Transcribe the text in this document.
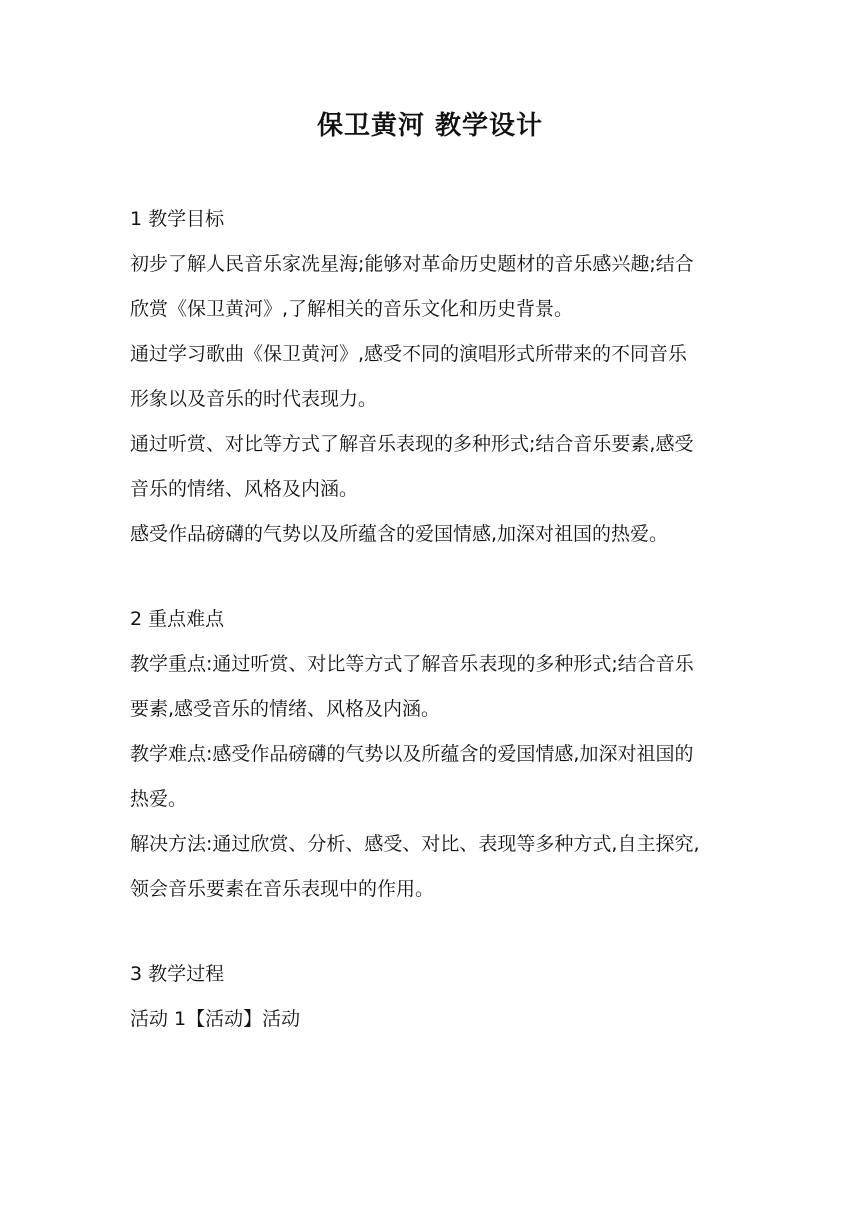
保卫黄河 教学设计

1 教学目标

初步了解人民音乐家冼星海;能够对革命历史题材的音乐感兴趣;结合

欣赏《保卫黄河》,了解相关的音乐文化和历史背景。

通过学习歌曲《保卫黄河》,感受不同的演唱形式所带来的不同音乐

形象以及音乐的时代表现力。

通过听赏、对比等方式了解音乐表现的多种形式;结合音乐要素,感受

音乐的情绪、风格及内涵。

感受作品磅礴的气势以及所蕴含的爱国情感,加深对祖国的热爱。

2 重点难点

教学重点:通过听赏、对比等方式了解音乐表现的多种形式;结合音乐

要素,感受音乐的情绪、风格及内涵。

教学难点:感受作品磅礴的气势以及所蕴含的爱国情感,加深对祖国的

热爱。

解决方法:通过欣赏、分析、感受、对比、表现等多种方式,自主探究,

领会音乐要素在音乐表现中的作用。

3 教学过程

活动 1【活动】活动
